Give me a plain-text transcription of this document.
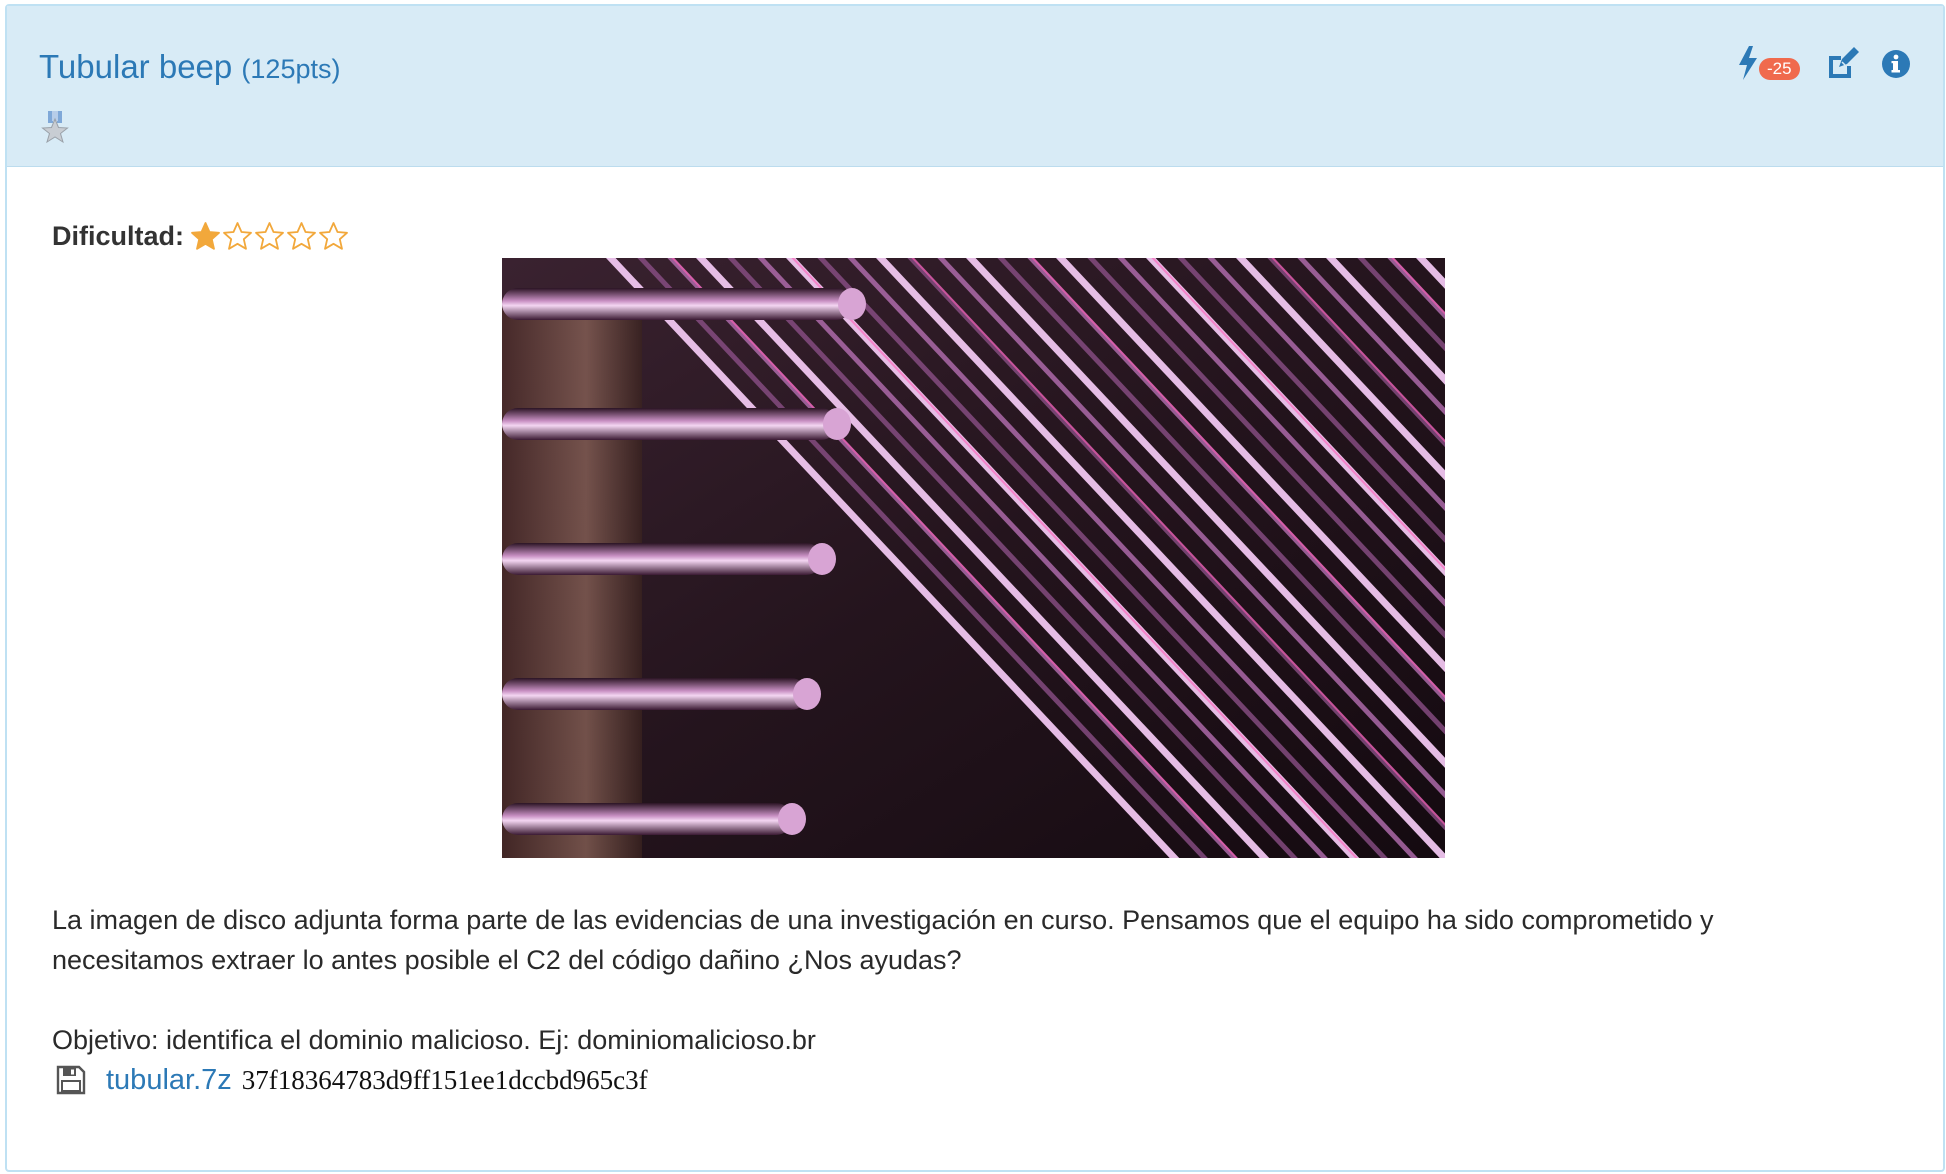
Tubular beep (125pts)	-25
Dificultad:

La imagen de disco adjunta forma parte de las evidencias de una investigación en curso. Pensamos que el equipo ha sido comprometido y necesitamos extraer lo antes posible el C2 del código dañino ¿Nos ayudas?

Objetivo: identifica el dominio malicioso. Ej: dominiomalicioso.br
tubular.7z 37f18364783d9ff151ee1dccbd965c3f
